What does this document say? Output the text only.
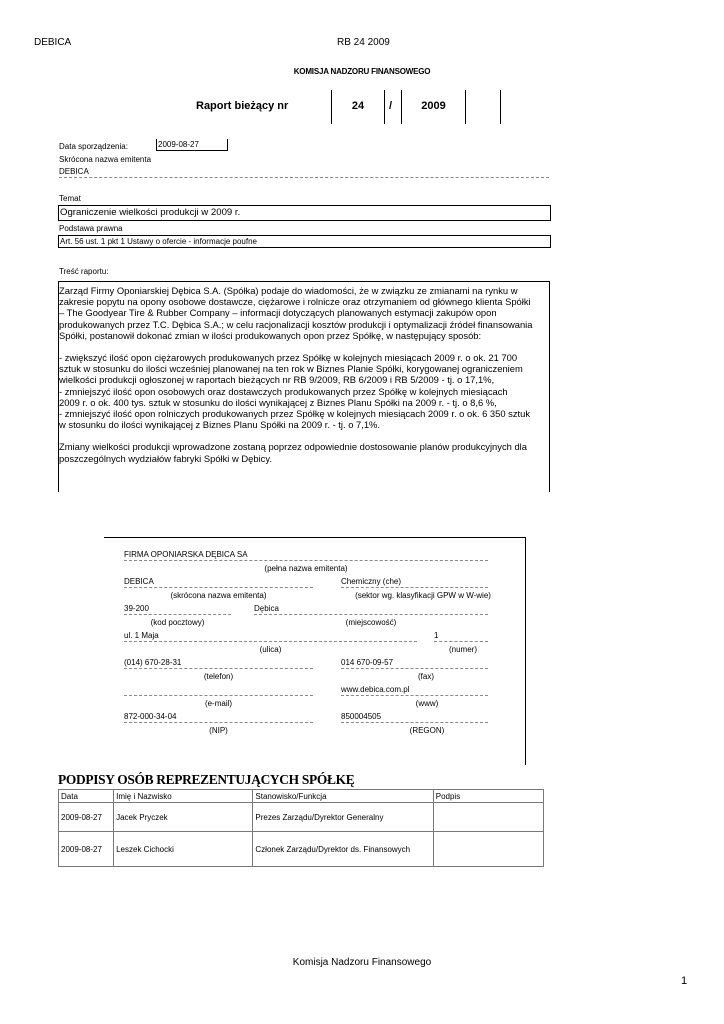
DEBICA	RB 24 2009
KOMISJA NADZORU FINANSOWEGO
Raport bieżący nr	24	/	2009
Data sporządzenia:	2009-08-27
Skrócona nazwa emitenta
DEBICA
Temat
Ograniczenie wielkości produkcji w 2009 r.
Podstawa prawna
Art. 56 ust. 1 pkt 1 Ustawy o ofercie - informacje poufne
Treść raportu:

Zarząd Firmy Oponiarskiej Dębica S.A. (Spółka) podaje do wiadomości, że w związku ze zmianami na rynku w

zakresie popytu na opony osobowe dostawcze, ciężarowe i rolnicze oraz otrzymaniem od głównego klienta Spółki

– The Goodyear Tire & Rubber Company – informacji dotyczących planowanych estymacji zakupów opon

produkowanych przez T.C. Dębica S.A.; w celu racjonalizacji kosztów produkcji i optymalizacji źródeł finansowania

Spółki, postanowił dokonać zmian w ilości produkowanych opon przez Spółkę, w następujący sposób:

- zwiększyć ilość opon ciężarowych produkowanych przez Spółkę w kolejnych miesiącach 2009 r. o ok. 21 700

sztuk w stosunku do ilości wcześniej planowanej na ten rok w Biznes Planie Spółki, korygowanej ograniczeniem

wielkości produkcji ogłoszonej w raportach bieżących nr RB 9/2009, RB 6/2009 i RB 5/2009 - tj. o 17,1%,

- zmniejszyć ilość opon osobowych oraz dostawczych produkowanych przez Spółkę w kolejnych miesiącach

2009 r. o ok. 400 tys. sztuk w stosunku do ilości wynikającej z Biznes Planu Spółki na 2009 r. - tj. o 8,6 %,

- zmniejszyć ilość opon rolniczych produkowanych przez Spółkę w kolejnych miesiącach 2009 r. o ok. 6 350 sztuk

w stosunku do ilości wynikającej z Biznes Planu Spółki na 2009 r. - tj. o 7,1%.

Zmiany wielkości produkcji wprowadzone zostaną poprzez odpowiednie dostosowanie planów produkcyjnych dla

poszczególnych wydziałów fabryki Spółki w Dębicy.

FIRMA OPONIARSKA DĘBICA SA
(pełna nazwa emitenta)
DEBICA
(skrócona nazwa emitenta)
Chemiczny (che)
(sektor wg. klasyfikacji GPW w W-wie)
39-200
(kod pocztowy)
Dębica
(miejscowość)
ul. 1 Maja
(ulica)
1
(numer)
(014) 670-28-31
(telefon)
014 670-09-57
(fax)
(e-mail)
www.debica.com.pl
(www)
872-000-34-04
(NIP)
850004505
(REGON)
PODPISY OSÓB REPREZENTUJĄCYCH SPÓŁKĘ
Data	Imię i Nazwisko	Stanowisko/Funkcja	Podpis
2009-08-27	Jacek Pryczek	Prezes Zarządu/Dyrektor Generalny	
2009-08-27	Leszek Cichocki	Członek Zarządu/Dyrektor ds. Finansowych	
Komisja Nadzoru Finansowego
1
